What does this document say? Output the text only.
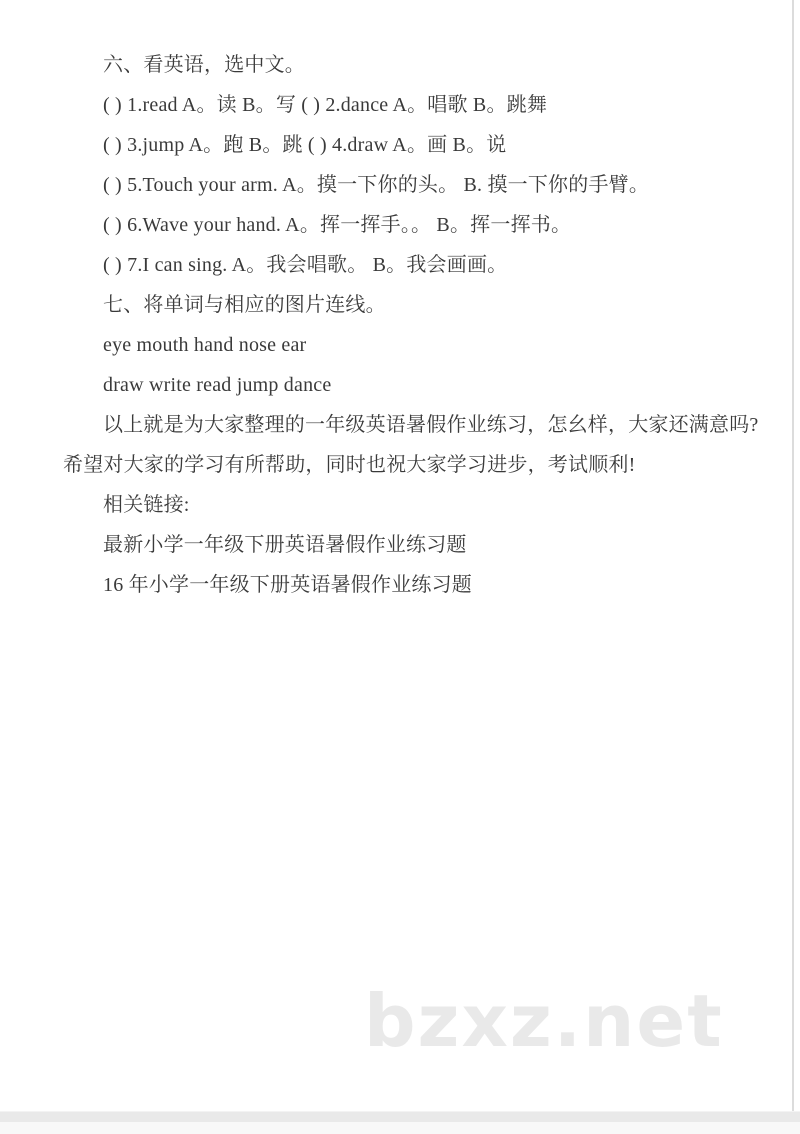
六、看英语，选中文。

( ) 1.read A。读 B。写 ( ) 2.dance A。唱歌 B。跳舞

( ) 3.jump A。跑 B。跳 ( ) 4.draw A。画 B。说

( ) 5.Touch your arm. A。摸一下你的头。 B. 摸一下你的手臂。

( ) 6.Wave your hand. A。挥一挥手。。 B。挥一挥书。

( ) 7.I can sing. A。我会唱歌。 B。我会画画。

七、将单词与相应的图片连线。

eye mouth hand nose ear

draw write read jump dance

以上就是为大家整理的一年级英语暑假作业练习，怎幺样，大家还满意吗?

希望对大家的学习有所帮助，同时也祝大家学习进步，考试顺利!

相关链接:

最新小学一年级下册英语暑假作业练习题

16 年小学一年级下册英语暑假作业练习题

bzxz.net
